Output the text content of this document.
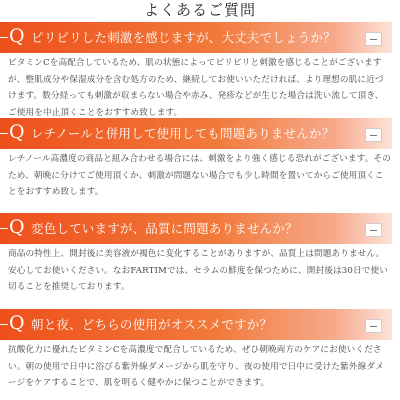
よくあるご質問
Q ピリピリした刺激を感じますが、大丈夫でしょうか？

ビタミンCを高配合しているため、肌の状態によってピリピリと刺激を感じることがございますが、整肌成分や保湿成分を含む処方のため、継続してお使いいただければ、より理想の肌に近づけます。数分経っても刺激が収まらない場合や赤み、発疹などが生じた場合は洗い流して頂き、ご使用を中止頂くことをおすすめ致します。

Q レチノールと併用して使用しても問題ありませんか？

レチノール高濃度の商品と組み合わせる場合には、刺激をより強く感じる恐れがございます。そのため、朝晩に分けてご使用頂くか、刺激が問題ない場合でも少し時間を置いてからご使用頂くことをおすすめ致します。

Q 変色していますが、品質に問題ありませんか？

商品の特性上、開封後に美容液が褐色に変化することがありますが、品質上は問題ありません。安心してお使いください。なおFARTIMでは、セラムの鮮度を保つために、開封後は30日で使い切ることを推奨しております。

Q 朝と夜、どちらの使用がオススメですか？

抗酸化力に優れたビタミンCを高濃度で配合しているため、ぜひ朝晩両方のケアにお使いください。朝の使用で日中に浴びる紫外線ダメージから肌を守り、夜の使用で日中に受けた紫外線ダメージをケアすることで、肌を明るく健やかに保つことができます。
